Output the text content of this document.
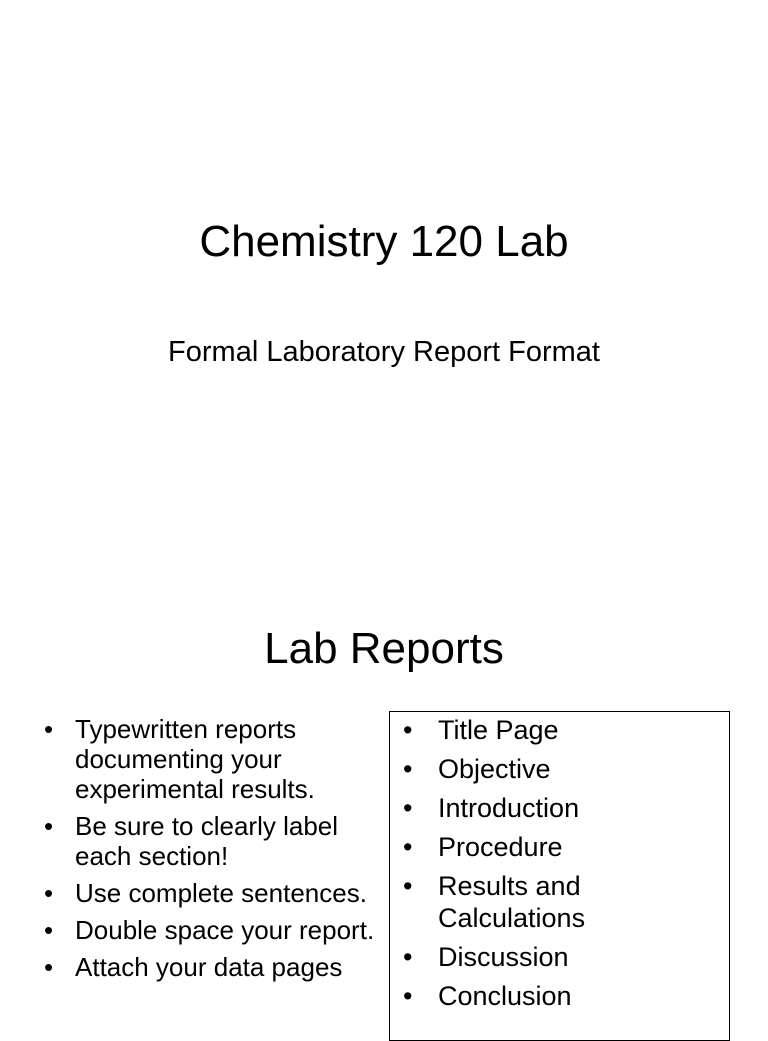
Chemistry 120 Lab
Formal Laboratory Report Format
Lab Reports
• Typewritten reports documenting your experimental results.
• Be sure to clearly label each section!
• Use complete sentences.
• Double space your report.
• Attach your data pages
• Title Page
• Objective
• Introduction
• Procedure
• Results and Calculations
• Discussion
• Conclusion
